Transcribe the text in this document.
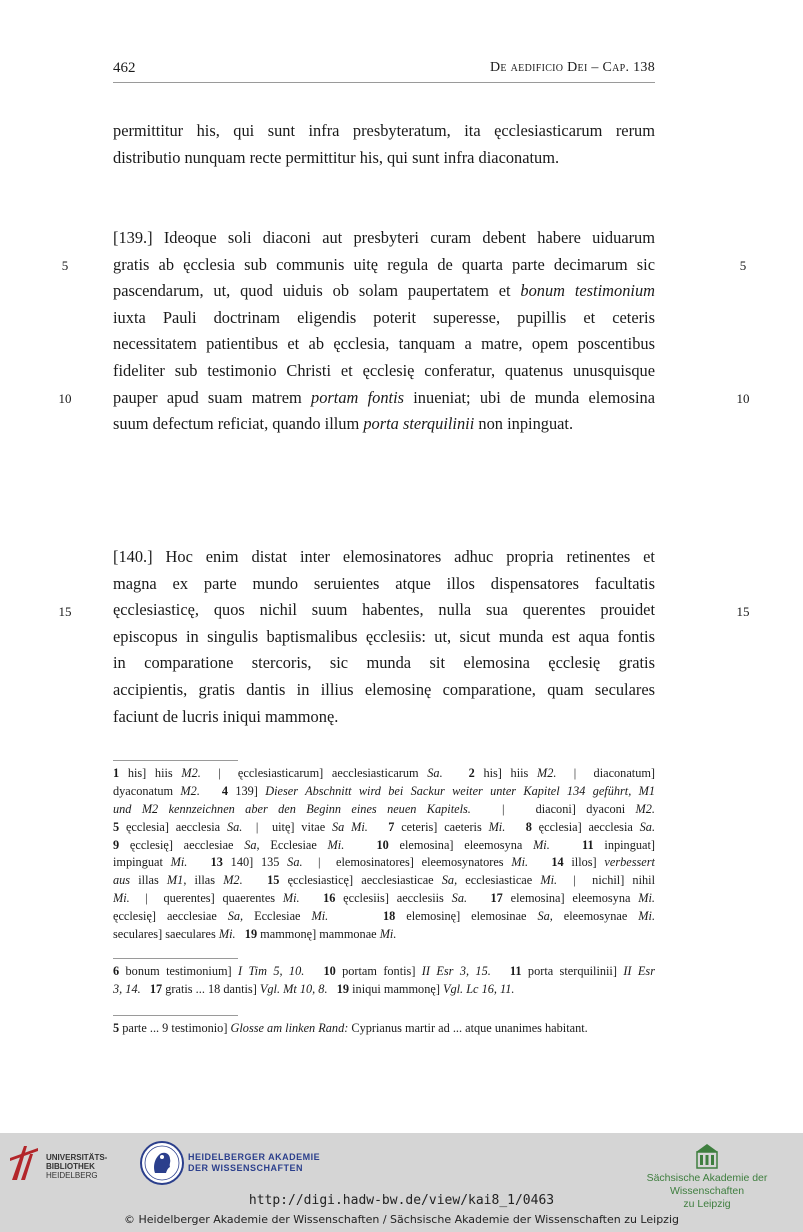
462	De aedificio Dei – Cap. 138
permittitur his, qui sunt infra presbyteratum, ita ęcclesiasticarum rerum
distributio nunquam recte permittitur his, qui sunt infra diaconatum.
[139.] Ideoque soli diaconi aut presbyteri curam debent habere uiduarum
gratis ab ęcclesia sub communis uitę regula de quarta parte decimarum sic
pascendarum, ut, quod uiduis ob solam paupertatem et bonum testimonium
iuxta Pauli doctrinam eligendis poterit superesse, pupillis et ceteris
necessitatem patientibus et ab ęcclesia, tanquam a matre, opem poscentibus
fideliter sub testimonio Christi et ęcclesię conferatur, quatenus unusquisque
pauper apud suam matrem portam fontis inueniat; ubi de munda elemosina
suum defectum reficiat, quando illum porta sterquilinii non inpinguat.
[140.] Hoc enim distat inter elemosinatores adhuc propria retinentes et
magna ex parte mundo seruientes atque illos dispensatores facultatis
ęcclesiasticę, quos nichil suum habentes, nulla sua querentes prouidet
episcopus in singulis baptismalibus ęcclesiis: ut, sicut munda est aqua fontis
in comparatione stercoris, sic munda sit elemosina ęcclesię gratis
accipientis, gratis dantis in illius elemosinę comparatione, quam seculares
faciunt de lucris iniqui mammonę.
5	5
10	10
15	15
1 his] hiis M2.  |  ęcclesiasticarum] aecclesiasticarum Sa. 2 his] hiis M2.  |  diaconatum]
dyaconatum M2. 4 139] Dieser Abschnitt wird bei Sackur weiter unter Kapitel 134 geführt, M1
und M2 kennzeichnen aber den Beginn eines neuen Kapitels.   |   diaconi] dyaconi M2.
5 ęcclesia] aecclesia Sa.  |  uitę] vitae Sa Mi. 7 ceteris] caeteris Mi. 8 ęcclesia] aecclesia Sa.
9 ęcclesię] aecclesiae Sa, Ecclesiae Mi.	10 elemosina] eleemosyna Mi.	11 inpinguat]
impinguat Mi. 13 140] 135 Sa.  |  elemosinatores] eleemosynatores Mi. 14 illos] verbessert
aus illas M1, illas M2. 15 ęcclesiasticę] aecclesiasticae Sa, ecclesiasticae Mi.  |  nichil] nihil
Mi.  |  querentes] quaerentes Mi. 16 ęcclesiis] aecclesiis Sa. 17 elemosina] eleemosyna Mi.
ęcclesię] aecclesiae Sa, Ecclesiae Mi.	18 elemosinę] elemosinae Sa, eleemosynae Mi.
seculares] saeculares Mi. 19 mammonę] mammonae Mi.
6 bonum testimonium] I Tim 5, 10. 10 portam fontis] II Esr 3, 15. 11 porta sterquilinii] II Esr
3, 14. 17 gratis ... 18 dantis] Vgl. Mt 10, 8. 19 iniqui mammonę] Vgl. Lc 16, 11.
5 parte ... 9 testimonio] Glosse am linken Rand: Cyprianus martir ad ... atque unanimes habitant.
UNIVERSITÄTS-
BIBLIOTHEK
HEIDELBERG
HEIDELBERGER AKADEMIE
DER WISSENSCHAFTEN
Sächsische Akademie der Wissenschaften
zu Leipzig
http://digi.hadw-bw.de/view/kai8_1/0463
© Heidelberger Akademie der Wissenschaften / Sächsische Akademie der Wissenschaften zu Leipzig
